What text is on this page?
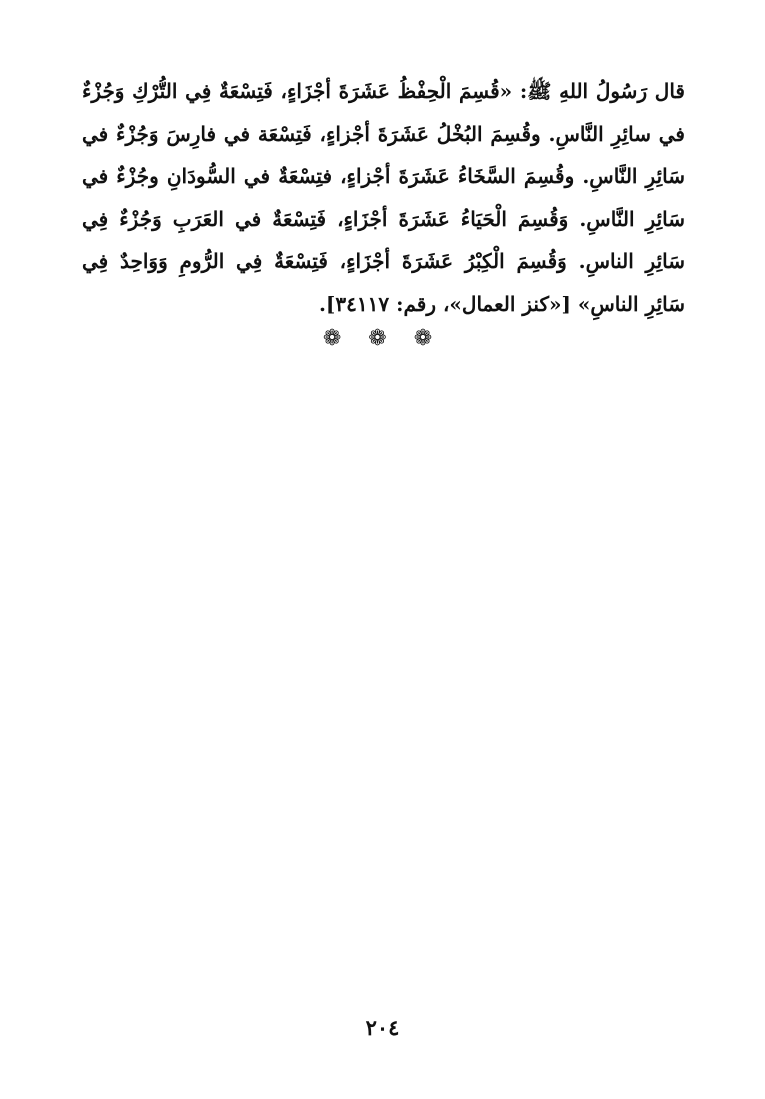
قال رَسُولُ اللهِ ﷺ: «قُسِمَ الْحِفْظُ عَشَرَةَ أجْزَاءٍ، فَتِسْعَةٌ فِي التُّرْكِ وَجُزْءٌ
في سائِرِ النَّاسِ. وقُسِمَ البُخْلُ عَشَرَةَ أجْزاءٍ، فَتِسْعَة في فارِسَ وَجُزْءٌ في
سَائِرِ النَّاسِ. وقُسِمَ السَّخَاءُ عَشَرَةَ أجْزاءٍ، فتِسْعَةٌ في السُّودَانِ وجُزْءٌ في
سَائِرِ النَّاسِ. وَقُسِمَ الْحَيَاءُ عَشَرَةَ أجْزَاءٍ، فَتِسْعَةٌ في العَرَبِ وَجُزْءٌ فِي
سَائِرِ الناسِ. وَقُسِمَ الْكِبْرُ عَشَرَةَ أجْزَاءٍ، فَتِسْعَةٌ فِي الرُّومِ وَوَاحِدٌ فِي
سَائِرِ الناسِ» [«كنز العمال»، رقم: ٣٤١١٧].
❁ ❁ ❁
٢٠٤
